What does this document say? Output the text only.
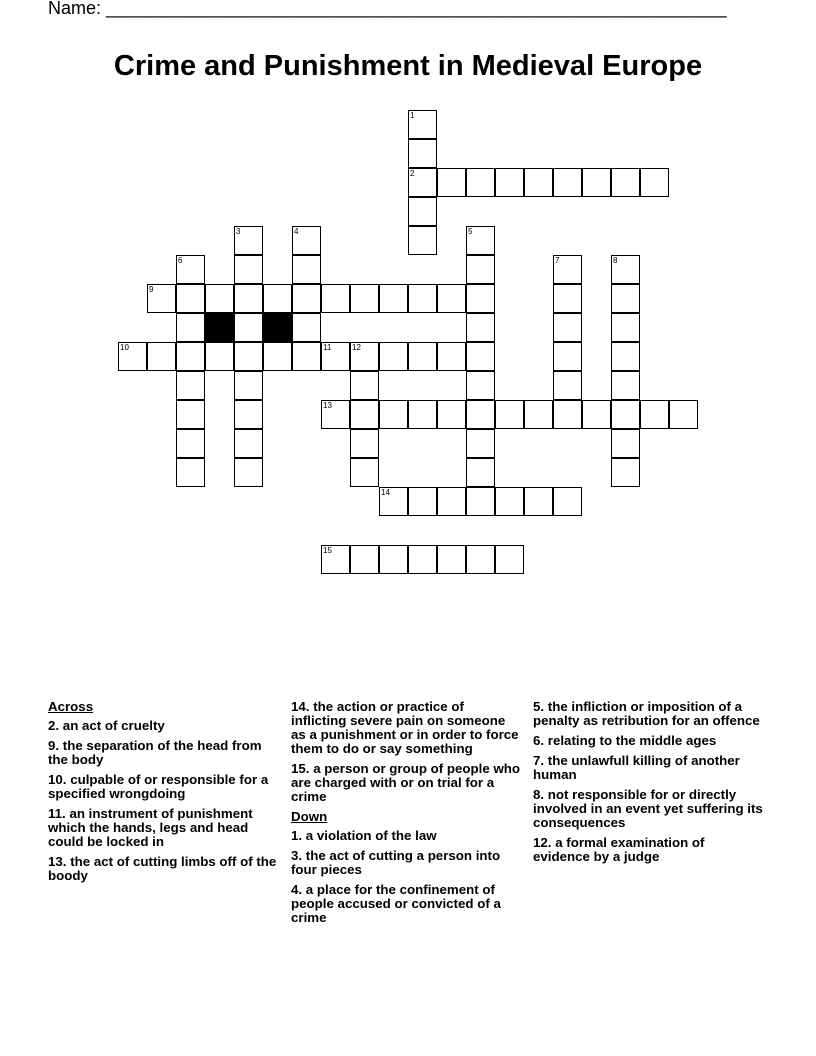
Name: ______________________________________________________________
Crime and Punishment in Medieval Europe
1
2
3	4	5
6	7	8
9
10	11	12
13
14
15
Across
2. an act of cruelty
9. the separation of the head from the body
10. culpable of or responsible for a specified wrongdoing
11. an instrument of punishment which the hands, legs and head could be locked in
13. the act of cutting limbs off of the boody
14. the action or practice of inflicting severe pain on someone as a punishment or in order to force them to do or say something
15. a person or group of people who are charged with or on trial for a crime
Down
1. a violation of the law
3. the act of cutting a person into four pieces
4. a place for the confinement of people accused or convicted of a crime
5. the infliction or imposition of a penalty as retribution for an offence
6. relating to the middle ages
7. the unlawfull killing of another human
8. not responsible for or directly involved in an event yet suffering its consequences
12. a formal examination of evidence by a judge
